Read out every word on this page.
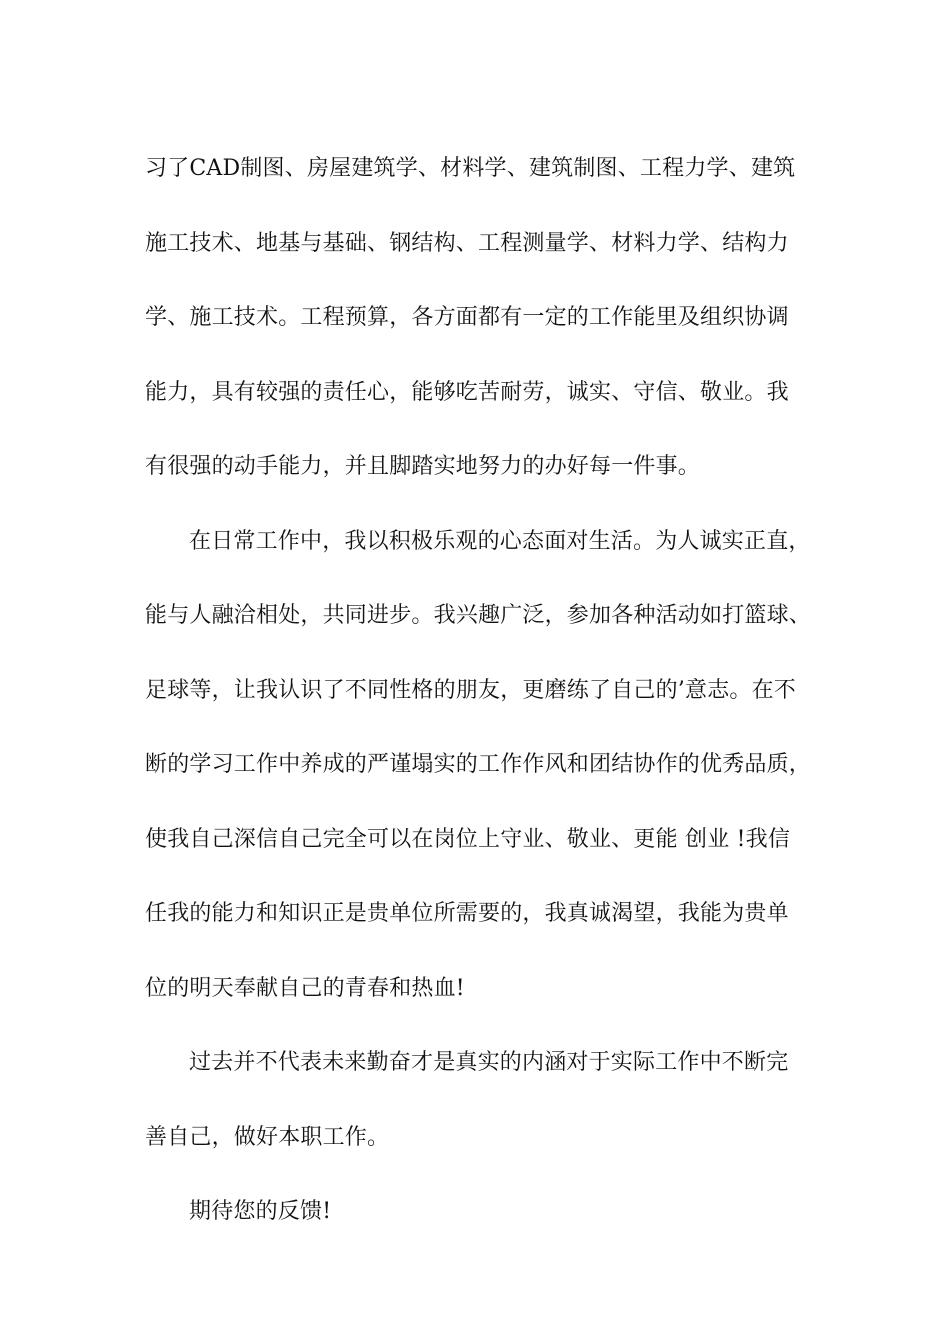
习了CAD制图、房屋建筑学、材料学、建筑制图、工程力学、建筑
施工技术、地基与基础、钢结构、工程测量学、材料力学、结构力
学、施工技术。工程预算，各方面都有一定的工作能里及组织协调
能力，具有较强的责任心，能够吃苦耐劳，诚实、守信、敬业。我
有很强的动手能力，并且脚踏实地努力的办好每一件事。
在日常工作中，我以积极乐观的心态面对生活。为人诚实正直，
能与人融洽相处，共同进步。我兴趣广泛，参加各种活动如打篮球、
足球等，让我认识了不同性格的朋友，更磨练了自己的’意志。在不
断的学习工作中养成的严谨塌实的工作作风和团结协作的优秀品质，
使我自己深信自己完全可以在岗位上守业、敬业、更能 创业 !我信
任我的能力和知识正是贵单位所需要的，我真诚渴望，我能为贵单
位的明天奉献自己的青春和热血!
过去并不代表未来勤奋才是真实的内涵对于实际工作中不断完
善自己，做好本职工作。
期待您的反馈!
